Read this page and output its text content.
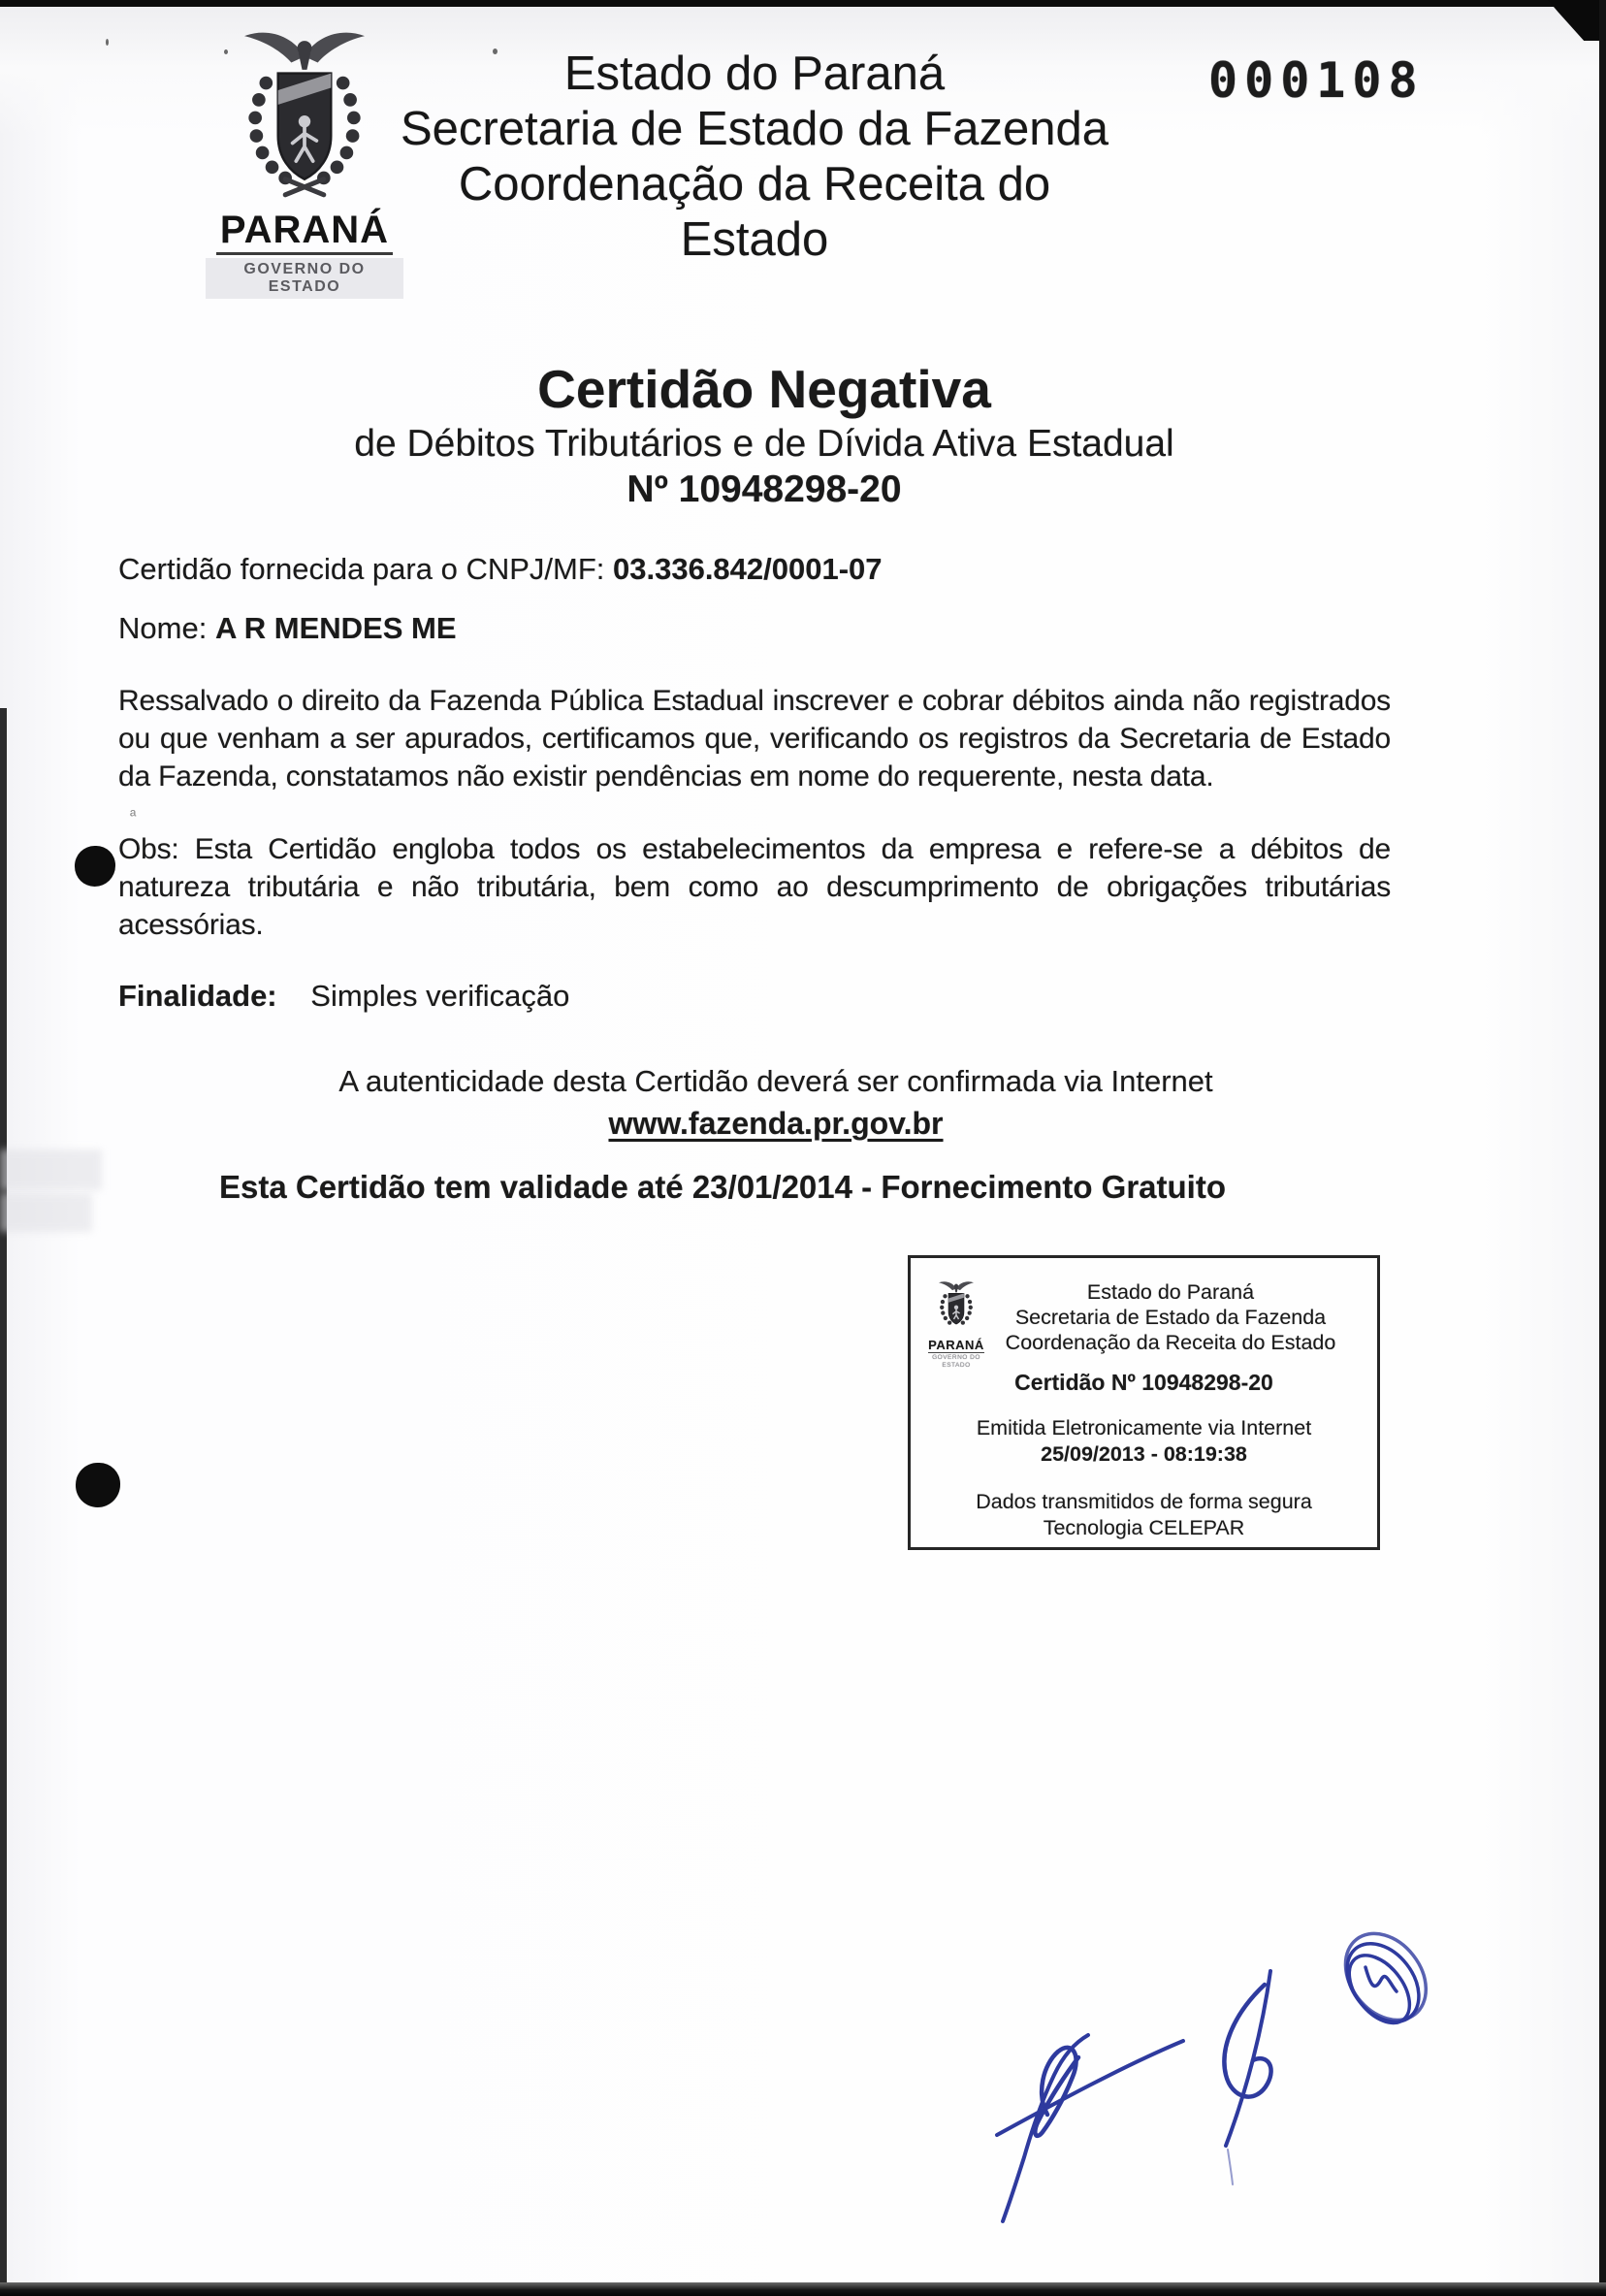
ª
PARANÁ
GOVERNO DO ESTADO
Estado do Paraná
Secretaria de Estado da Fazenda
Coordenação da Receita do Estado
000108
Certidão Negativa
de Débitos Tributários e de Dívida Ativa Estadual
Nº 10948298-20
Certidão fornecida para o CNPJ/MF: 03.336.842/0001-07
Nome: A R MENDES ME
Ressalvado o direito da Fazenda Pública Estadual inscrever e cobrar débitos ainda não registrados
ou que venham a ser apurados, certificamos que, verificando os registros da Secretaria de Estado
da Fazenda, constatamos não existir pendências em nome do requerente, nesta data.
Obs: Esta Certidão engloba todos os estabelecimentos da empresa e refere-se a débitos de
natureza tributária e não tributária, bem como ao descumprimento de obrigações tributárias
acessórias.
Finalidade: Simples verificação
A autenticidade desta Certidão deverá ser confirmada via Internet
www.fazenda.pr.gov.br
Esta Certidão tem validade até 23/01/2014 - Fornecimento Gratuito
PARANÁ
GOVERNO DO ESTADO
Estado do Paraná
Secretaria de Estado da Fazenda
Coordenação da Receita do Estado
Certidão Nº 10948298-20
Emitida Eletronicamente via Internet
25/09/2013 - 08:19:38
Dados transmitidos de forma segura
Tecnologia CELEPAR
